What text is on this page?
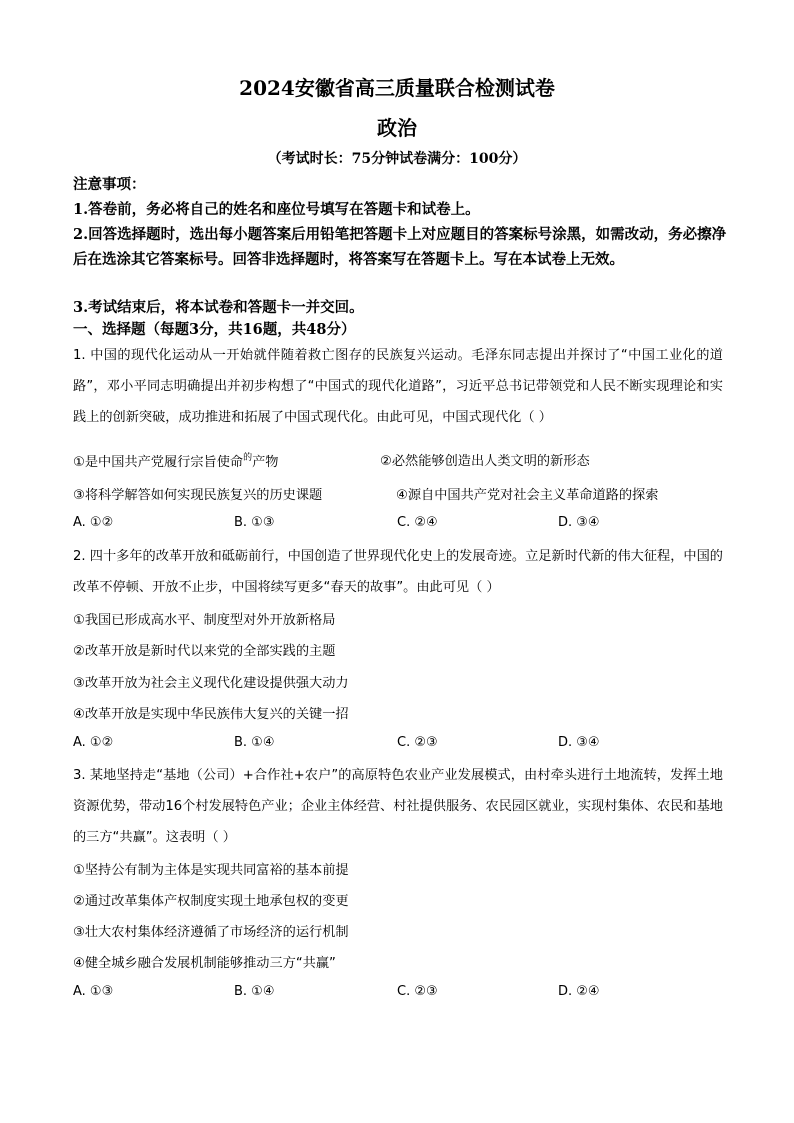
2024安徽省高三质量联合检测试卷
政治
（考试时长：75分钟试卷满分：100分）
注意事项：
1.答卷前，务必将自己的姓名和座位号填写在答题卡和试卷上。
2.回答选择题时，选出每小题答案后用铅笔把答题卡上对应题目的答案标号涂黑，如需改动，务必擦净后在选涂其它答案标号。回答非选择题时，将答案写在答题卡上。写在本试卷上无效。
3.考试结束后，将本试卷和答题卡一并交回。
一、选择题（每题3分，共16题，共48分）
1. 中国的现代化运动从一开始就伴随着救亡图存的民族复兴运动。毛泽东同志提出并探讨了“中国工业化的道路”，邓小平同志明确提出并初步构想了“中国式的现代化道路”，习近平总书记带领党和人民不断实现理论和实践上的创新突破，成功推进和拓展了中国式现代化。由此可见，中国式现代化（ ）
①是中国共产党履行宗旨使命$^的$产物	②必然能够创造出人类文明的新形态
③将科学解答如何实现民族复兴的历史课题	④源自中国共产党对社会主义革命道路的探索
A. ①②	B. ①③	C. ②④	D. ③④
2. 四十多年的改革开放和砥砺前行，中国创造了世界现代化史上的发展奇迹。立足新时代新的伟大征程，中国的改革不停顿、开放不止步，中国将续写更多“春天的故事”。由此可见（ ）
①我国已形成高水平、制度型对外开放新格局
②改革开放是新时代以来党的全部实践的主题
③改革开放为社会主义现代化建设提供强大动力
④改革开放是实现中华民族伟大复兴的关键一招
A. ①②	B. ①④	C. ②③	D. ③④
3. 某地坚持走“基地（公司）+合作社+农户”的高原特色农业产业发展模式，由村牵头进行土地流转，发挥土地资源优势，带动16个村发展特色产业；企业主体经营、村社提供服务、农民园区就业，实现村集体、农民和基地的三方“共赢”。这表明（ ）
①坚持公有制为主体是实现共同富裕的基本前提
②通过改革集体产权制度实现土地承包权的变更
③壮大农村集体经济遵循了市场经济的运行机制
④健全城乡融合发展机制能够推动三方“共赢”
A. ①③	B. ①④	C. ②③	D. ②④
